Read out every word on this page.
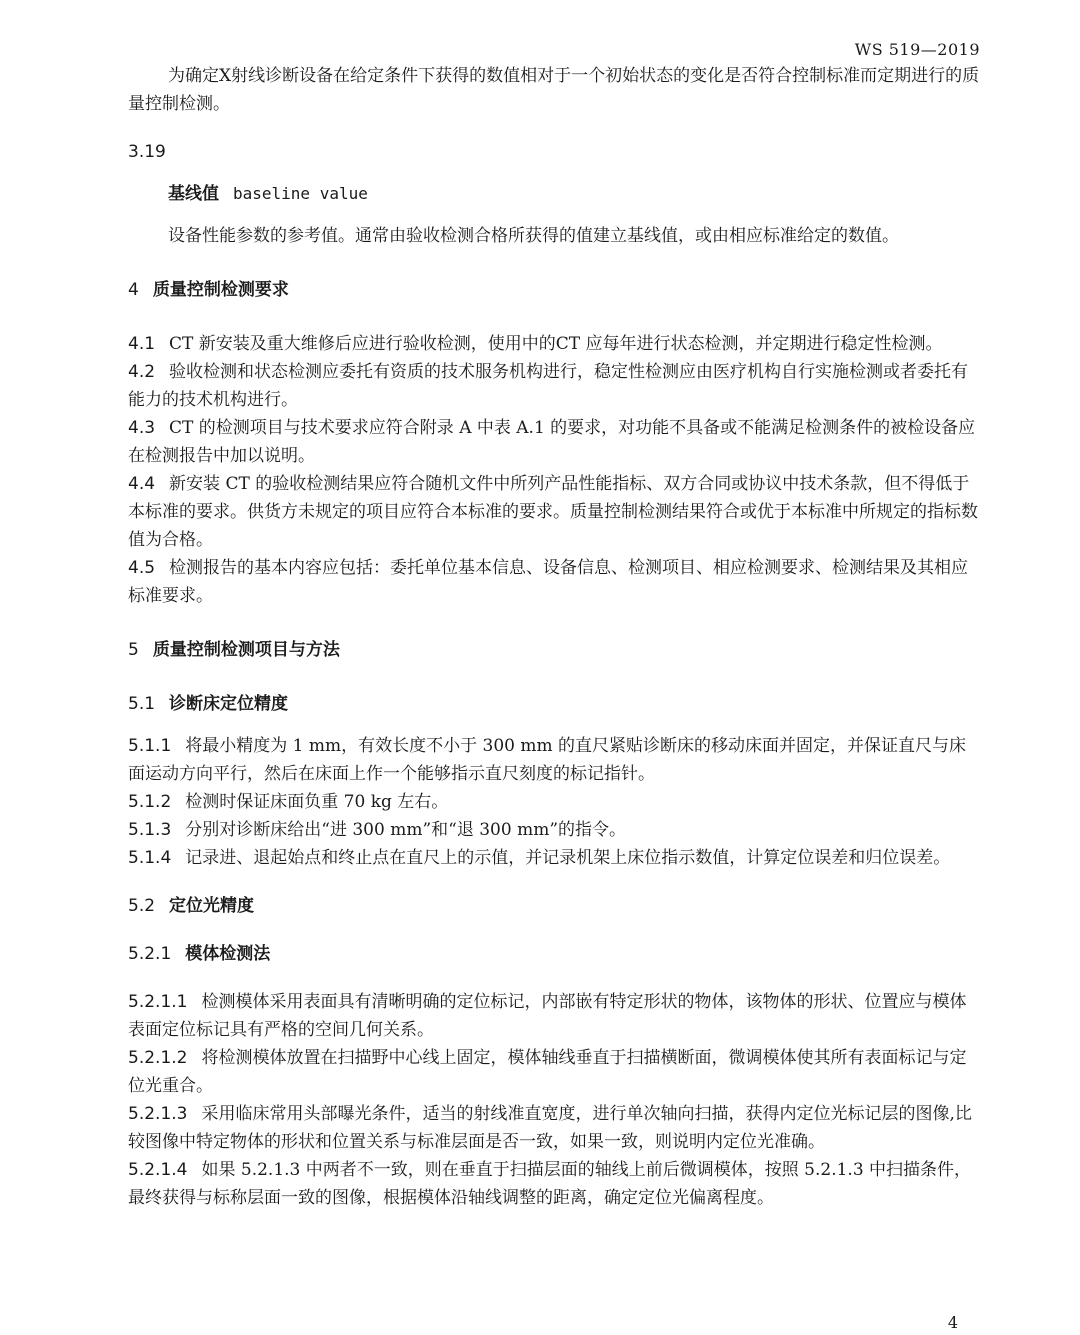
WS 519—2019

为确定X射线诊断设备在给定条件下获得的数值相对于一个初始状态的变化是否符合控制标准而定期进行的质量控制检测。

3.19

基线值 baseline value

设备性能参数的参考值。通常由验收检测合格所获得的值建立基线值，或由相应标准给定的数值。

4 质量控制检测要求

4.1 CT 新安装及重大维修后应进行验收检测，使用中的CT 应每年进行状态检测，并定期进行稳定性检测。

4.2 验收检测和状态检测应委托有资质的技术服务机构进行，稳定性检测应由医疗机构自行实施检测或者委托有能力的技术机构进行。

4.3 CT 的检测项目与技术要求应符合附录 A 中表 A.1 的要求，对功能不具备或不能满足检测条件的被检设备应在检测报告中加以说明。

4.4 新安装 CT 的验收检测结果应符合随机文件中所列产品性能指标、双方合同或协议中技术条款，但不得低于本标准的要求。供货方未规定的项目应符合本标准的要求。质量控制检测结果符合或优于本标准中所规定的指标数值为合格。

4.5 检测报告的基本内容应包括：委托单位基本信息、设备信息、检测项目、相应检测要求、检测结果及其相应标准要求。

5 质量控制检测项目与方法

5.1 诊断床定位精度

5.1.1 将最小精度为 1 mm，有效长度不小于 300 mm 的直尺紧贴诊断床的移动床面并固定，并保证直尺与床面运动方向平行，然后在床面上作一个能够指示直尺刻度的标记指针。

5.1.2 检测时保证床面负重 70 kg 左右。

5.1.3 分别对诊断床给出“进 300 mm”和“退 300 mm”的指令。

5.1.4 记录进、退起始点和终止点在直尺上的示值，并记录机架上床位指示数值，计算定位误差和归位误差。

5.2 定位光精度

5.2.1 模体检测法

5.2.1.1 检测模体采用表面具有清晰明确的定位标记，内部嵌有特定形状的物体，该物体的形状、位置应与模体表面定位标记具有严格的空间几何关系。

5.2.1.2 将检测模体放置在扫描野中心线上固定，模体轴线垂直于扫描横断面，微调模体使其所有表面标记与定位光重合。

5.2.1.3 采用临床常用头部曝光条件，适当的射线准直宽度，进行单次轴向扫描，获得内定位光标记层的图像,比较图像中特定物体的形状和位置关系与标准层面是否一致，如果一致，则说明内定位光准确。

5.2.1.4 如果 5.2.1.3 中两者不一致，则在垂直于扫描层面的轴线上前后微调模体，按照 5.2.1.3 中扫描条件，最终获得与标称层面一致的图像，根据模体沿轴线调整的距离，确定定位光偏离程度。

4
